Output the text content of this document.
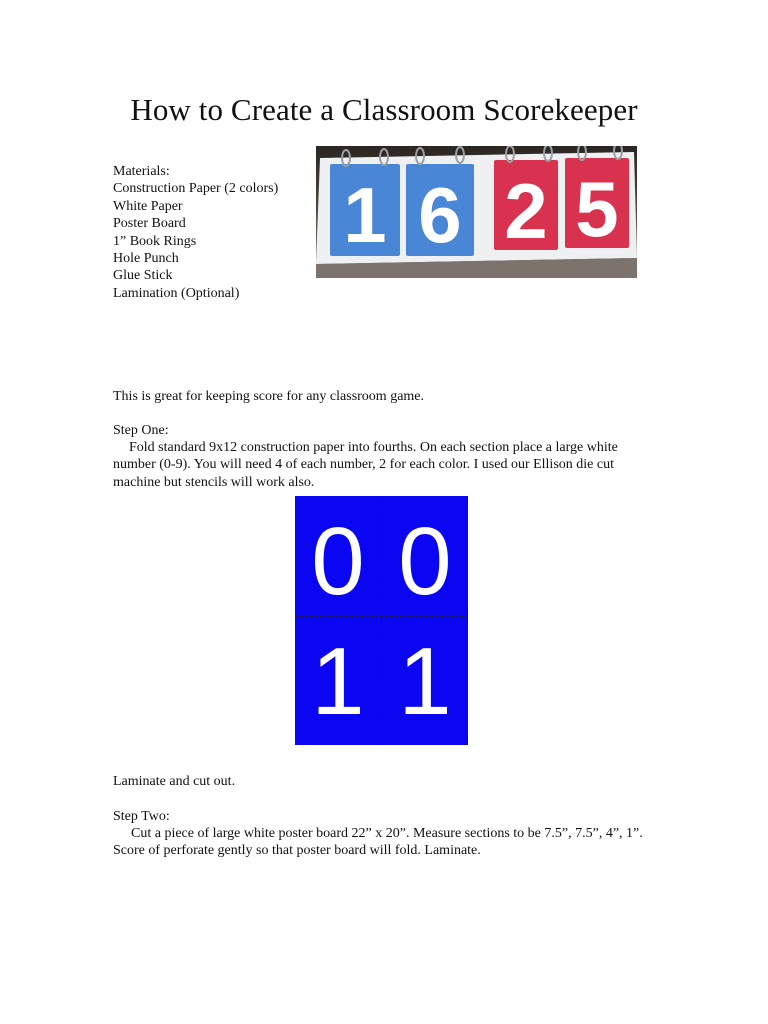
How to Create a Classroom Scorekeeper
Materials:
Construction Paper (2 colors)
White Paper
Poster Board
1” Book Rings
Hole Punch
Glue Stick
Lamination (Optional)
1 6 2 5

This is great for keeping score for any classroom game.

Step One:

Fold standard 9x12 construction paper into fourths. On each section place a large white number (0-9). You will need 4 of each number, 2 for each color. I used our Ellison die cut machine but stencils will work also.

0 0
1 1

Laminate and cut out.

Step Two:

Cut a piece of large white poster board 22” x 20”. Measure sections to be 7.5”, 7.5”, 4”, 1”. Score of perforate gently so that poster board will fold. Laminate.
